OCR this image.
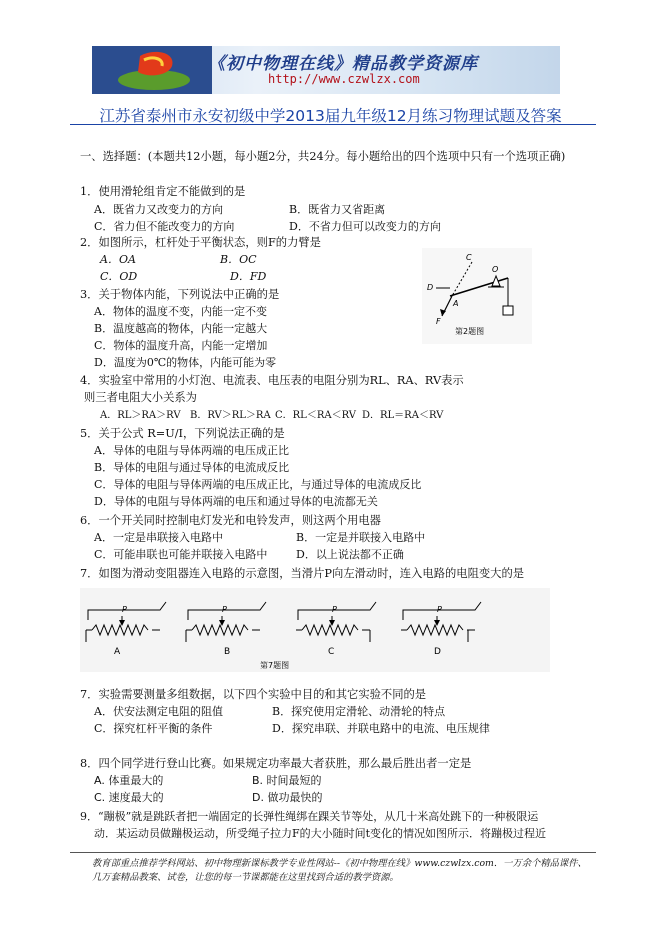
《初中物理在线》精品教学资源库
http://www.czwlzx.com
江苏省泰州市永安初级中学2013届九年级12月练习物理试题及答案
一、选择题：(本题共12小题，每小题2分，共24分。每小题给出的四个选项中只有一个选项正确)
1．使用滑轮组肯定不能做到的是
A．既省力又改变力的方向	B．既省力又省距离
C．省力但不能改变力的方向	D．不省力但可以改变力的方向
2．如图所示，杠杆处于平衡状态，则F的力臂是
A．OA	B．OC
C．OD	D．FD
C
O
D
A
F
第2题图
3．关于物体内能，下列说法中正确的是
A．物体的温度不变，内能一定不变
B．温度越高的物体，内能一定越大
C．物体的温度升高，内能一定增加
D．温度为0℃的物体，内能可能为零
4．实验室中常用的小灯泡、电流表、电压表的电阻分别为RL、RA、RV表示
则三者电阻大小关系为
A．RL＞RA＞RV B．RV＞RL＞RA C．RL＜RA＜RV D．RL＝RA＜RV
5．关于公式 R=U/I，下列说法正确的是
A．导体的电阻与导体两端的电压成正比
B．导体的电阻与通过导体的电流成反比
C．导体的电阻与导体两端的电压成正比，与通过导体的电流成反比
D．导体的电阻与导体两端的电压和通过导体的电流都无关
6．一个开关同时控制电灯发光和电铃发声，则这两个用电器
A．一定是串联接入电路中	B．一定是并联接入电路中
C．可能串联也可能并联接入电路中	D．以上说法都不正确
7．如图为滑动变阻器连入电路的示意图，当滑片P向左滑动时，连入电路的电阻变大的是
P	P	P	P
A	B	C	D
第7题图
7．实验需要测量多组数据，以下四个实验中目的和其它实验不同的是
A．伏安法测定电阻的阻值	B．探究使用定滑轮、动滑轮的特点
C．探究杠杆平衡的条件	D．探究串联、并联电路中的电流、电压规律
8．四个同学进行登山比赛。如果规定功率最大者获胜，那么最后胜出者一定是
A. 体重最大的	B. 时间最短的
C. 速度最大的	D. 做功最快的
9．“蹦极”就是跳跃者把一端固定的长弹性绳绑在踝关节等处，从几十米高处跳下的一种极限运
动．某运动员做蹦极运动，所受绳子拉力F的大小随时间t变化的情况如图所示．将蹦极过程近
教育部重点推荐学科网站、初中物理新课标教学专业性网站--《初中物理在线》www.czwlzx.com．一万余个精品课件、
几万套精品教案、试卷，让您的每一节课都能在这里找到合适的教学资源。
